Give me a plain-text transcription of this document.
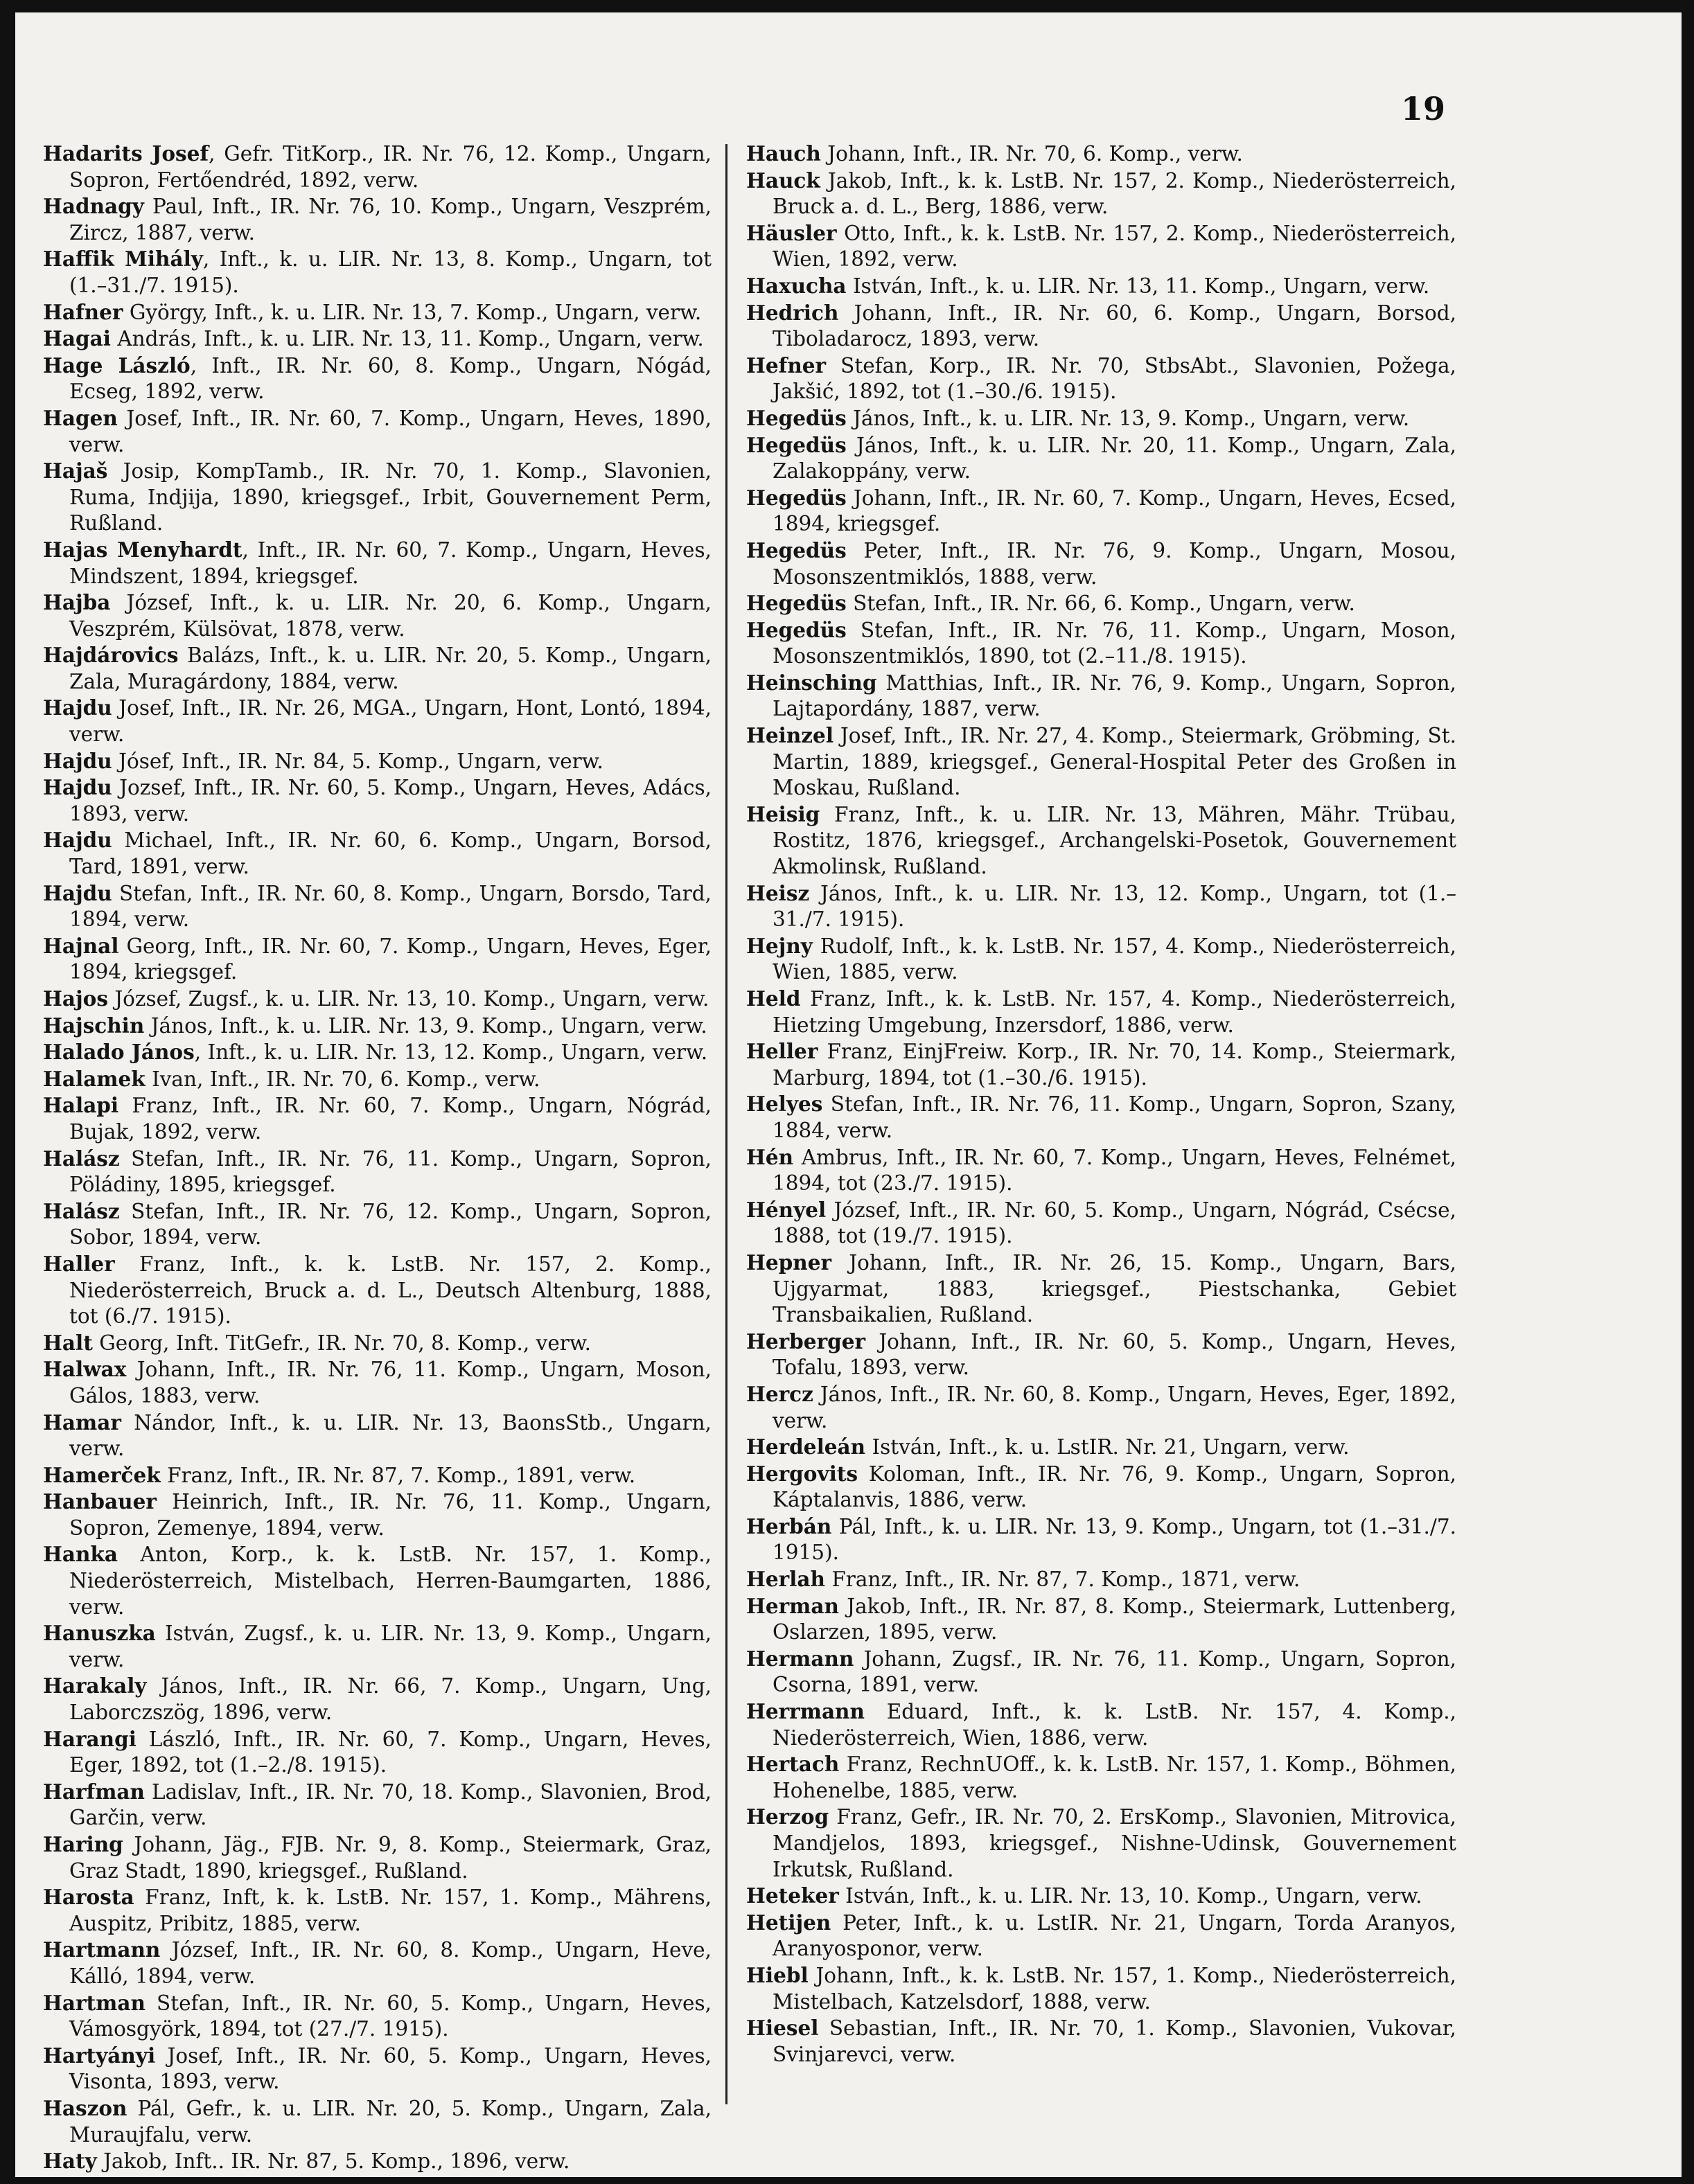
19

Hadarits Josef, Gefr. TitKorp., IR. Nr. 76, 12. Komp., Ungarn, Sopron, Fertőendréd, 1892, verw.

Hadnagy Paul, Inft., IR. Nr. 76, 10. Komp., Ungarn, Veszprém, Zircz, 1887, verw.

Haffik Mihály, Inft., k. u. LIR. Nr. 13, 8. Komp., Ungarn, tot (1.–31./7. 1915).

Hafner György, Inft., k. u. LIR. Nr. 13, 7. Komp., Ungarn, verw.

Hagai András, Inft., k. u. LIR. Nr. 13, 11. Komp., Ungarn, verw.

Hage László, Inft., IR. Nr. 60, 8. Komp., Ungarn, Nógád, Ecseg, 1892, verw.

Hagen Josef, Inft., IR. Nr. 60, 7. Komp., Ungarn, Heves, 1890, verw.

Hajaš Josip, KompTamb., IR. Nr. 70, 1. Komp., Slavonien, Ruma, Indjija, 1890, kriegsgef., Irbit, Gouvernement Perm, Rußland.

Hajas Menyhardt, Inft., IR. Nr. 60, 7. Komp., Ungarn, Heves, Mindszent, 1894, kriegsgef.

Hajba József, Inft., k. u. LIR. Nr. 20, 6. Komp., Ungarn, Veszprém, Külsövat, 1878, verw.

Hajdárovics Balázs, Inft., k. u. LIR. Nr. 20, 5. Komp., Ungarn, Zala, Muragárdony, 1884, verw.

Hajdu Josef, Inft., IR. Nr. 26, MGA., Ungarn, Hont, Lontó, 1894, verw.

Hajdu Jósef, Inft., IR. Nr. 84, 5. Komp., Ungarn, verw.

Hajdu Jozsef, Inft., IR. Nr. 60, 5. Komp., Ungarn, Heves, Adács, 1893, verw.

Hajdu Michael, Inft., IR. Nr. 60, 6. Komp., Ungarn, Borsod, Tard, 1891, verw.

Hajdu Stefan, Inft., IR. Nr. 60, 8. Komp., Ungarn, Borsdo, Tard, 1894, verw.

Hajnal Georg, Inft., IR. Nr. 60, 7. Komp., Ungarn, Heves, Eger, 1894, kriegsgef.

Hajos József, Zugsf., k. u. LIR. Nr. 13, 10. Komp., Ungarn, verw.

Hajschin János, Inft., k. u. LIR. Nr. 13, 9. Komp., Ungarn, verw.

Halado János, Inft., k. u. LIR. Nr. 13, 12. Komp., Ungarn, verw.

Halamek Ivan, Inft., IR. Nr. 70, 6. Komp., verw.

Halapi Franz, Inft., IR. Nr. 60, 7. Komp., Ungarn, Nógrád, Bujak, 1892, verw.

Halász Stefan, Inft., IR. Nr. 76, 11. Komp., Ungarn, Sopron, Pöládiny, 1895, kriegsgef.

Halász Stefan, Inft., IR. Nr. 76, 12. Komp., Ungarn, Sopron, Sobor, 1894, verw.

Haller Franz, Inft., k. k. LstB. Nr. 157, 2. Komp., Niederösterreich, Bruck a. d. L., Deutsch Altenburg, 1888, tot (6./7. 1915).

Halt Georg, Inft. TitGefr., IR. Nr. 70, 8. Komp., verw.

Halwax Johann, Inft., IR. Nr. 76, 11. Komp., Ungarn, Moson, Gálos, 1883, verw.

Hamar Nándor, Inft., k. u. LIR. Nr. 13, BaonsStb., Ungarn, verw.

Hamerček Franz, Inft., IR. Nr. 87, 7. Komp., 1891, verw.

Hanbauer Heinrich, Inft., IR. Nr. 76, 11. Komp., Ungarn, Sopron, Zemenye, 1894, verw.

Hanka Anton, Korp., k. k. LstB. Nr. 157, 1. Komp., Niederösterreich, Mistelbach, Herren-Baumgarten, 1886, verw.

Hanuszka István, Zugsf., k. u. LIR. Nr. 13, 9. Komp., Ungarn, verw.

Harakaly János, Inft., IR. Nr. 66, 7. Komp., Ungarn, Ung, Laborczszög, 1896, verw.

Harangi László, Inft., IR. Nr. 60, 7. Komp., Ungarn, Heves, Eger, 1892, tot (1.–2./8. 1915).

Harfman Ladislav, Inft., IR. Nr. 70, 18. Komp., Slavonien, Brod, Garčin, verw.

Haring Johann, Jäg., FJB. Nr. 9, 8. Komp., Steiermark, Graz, Graz Stadt, 1890, kriegsgef., Rußland.

Harosta Franz, Inft, k. k. LstB. Nr. 157, 1. Komp., Mährens, Auspitz, Pribitz, 1885, verw.

Hartmann József, Inft., IR. Nr. 60, 8. Komp., Ungarn, Heve, Kálló, 1894, verw.

Hartman Stefan, Inft., IR. Nr. 60, 5. Komp., Ungarn, Heves, Vámosgyörk, 1894, tot (27./7. 1915).

Hartyányi Josef, Inft., IR. Nr. 60, 5. Komp., Ungarn, Heves, Visonta, 1893, verw.

Haszon Pál, Gefr., k. u. LIR. Nr. 20, 5. Komp., Ungarn, Zala, Muraujfalu, verw.

Haty Jakob, Inft.. IR. Nr. 87, 5. Komp., 1896, verw.

Hauch Johann, Inft., IR. Nr. 70, 6. Komp., verw.

Hauck Jakob, Inft., k. k. LstB. Nr. 157, 2. Komp., Niederösterreich, Bruck a. d. L., Berg, 1886, verw.

Häusler Otto, Inft., k. k. LstB. Nr. 157, 2. Komp., Niederösterreich, Wien, 1892, verw.

Haxucha István, Inft., k. u. LIR. Nr. 13, 11. Komp., Ungarn, verw.

Hedrich Johann, Inft., IR. Nr. 60, 6. Komp., Ungarn, Borsod, Tiboladarocz, 1893, verw.

Hefner Stefan, Korp., IR. Nr. 70, StbsAbt., Slavonien, Požega, Jakšić, 1892, tot (1.–30./6. 1915).

Hegedüs János, Inft., k. u. LIR. Nr. 13, 9. Komp., Ungarn, verw.

Hegedüs János, Inft., k. u. LIR. Nr. 20, 11. Komp., Ungarn, Zala, Zalakoppány, verw.

Hegedüs Johann, Inft., IR. Nr. 60, 7. Komp., Ungarn, Heves, Ecsed, 1894, kriegsgef.

Hegedüs Peter, Inft., IR. Nr. 76, 9. Komp., Ungarn, Mosou, Mosonszentmiklós, 1888, verw.

Hegedüs Stefan, Inft., IR. Nr. 66, 6. Komp., Ungarn, verw.

Hegedüs Stefan, Inft., IR. Nr. 76, 11. Komp., Ungarn, Moson, Mosonszentmiklós, 1890, tot (2.–11./8. 1915).

Heinsching Matthias, Inft., IR. Nr. 76, 9. Komp., Ungarn, Sopron, Lajtapordány, 1887, verw.

Heinzel Josef, Inft., IR. Nr. 27, 4. Komp., Steiermark, Gröbming, St. Martin, 1889, kriegsgef., General-Hospital Peter des Großen in Moskau, Rußland.

Heisig Franz, Inft., k. u. LIR. Nr. 13, Mähren, Mähr. Trübau, Rostitz, 1876, kriegsgef., Archangelski-Posetok, Gouvernement Akmolinsk, Rußland.

Heisz János, Inft., k. u. LIR. Nr. 13, 12. Komp., Ungarn, tot (1.–31./7. 1915).

Hejny Rudolf, Inft., k. k. LstB. Nr. 157, 4. Komp., Niederösterreich, Wien, 1885, verw.

Held Franz, Inft., k. k. LstB. Nr. 157, 4. Komp., Niederösterreich, Hietzing Umgebung, Inzersdorf, 1886, verw.

Heller Franz, EinjFreiw. Korp., IR. Nr. 70, 14. Komp., Steiermark, Marburg, 1894, tot (1.–30./6. 1915).

Helyes Stefan, Inft., IR. Nr. 76, 11. Komp., Ungarn, Sopron, Szany, 1884, verw.

Hén Ambrus, Inft., IR. Nr. 60, 7. Komp., Ungarn, Heves, Felnémet, 1894, tot (23./7. 1915).

Hényel József, Inft., IR. Nr. 60, 5. Komp., Ungarn, Nógrád, Csécse, 1888, tot (19./7. 1915).

Hepner Johann, Inft., IR. Nr. 26, 15. Komp., Ungarn, Bars, Ujgyarmat, 1883, kriegsgef., Piestschanka, Gebiet Transbaikalien, Rußland.

Herberger Johann, Inft., IR. Nr. 60, 5. Komp., Ungarn, Heves, Tofalu, 1893, verw.

Hercz János, Inft., IR. Nr. 60, 8. Komp., Ungarn, Heves, Eger, 1892, verw.

Herdeleán István, Inft., k. u. LstIR. Nr. 21, Ungarn, verw.

Hergovits Koloman, Inft., IR. Nr. 76, 9. Komp., Ungarn, Sopron, Káptalanvis, 1886, verw.

Herbán Pál, Inft., k. u. LIR. Nr. 13, 9. Komp., Ungarn, tot (1.–31./7. 1915).

Herlah Franz, Inft., IR. Nr. 87, 7. Komp., 1871, verw.

Herman Jakob, Inft., IR. Nr. 87, 8. Komp., Steiermark, Luttenberg, Oslarzen, 1895, verw.

Hermann Johann, Zugsf., IR. Nr. 76, 11. Komp., Ungarn, Sopron, Csorna, 1891, verw.

Herrmann Eduard, Inft., k. k. LstB. Nr. 157, 4. Komp., Niederösterreich, Wien, 1886, verw.

Hertach Franz, RechnUOff., k. k. LstB. Nr. 157, 1. Komp., Böhmen, Hohenelbe, 1885, verw.

Herzog Franz, Gefr., IR. Nr. 70, 2. ErsKomp., Slavonien, Mitrovica, Mandjelos, 1893, kriegsgef., Nishne-Udinsk, Gouvernement Irkutsk, Rußland.

Heteker István, Inft., k. u. LIR. Nr. 13, 10. Komp., Ungarn, verw.

Hetijen Peter, Inft., k. u. LstIR. Nr. 21, Ungarn, Torda Aranyos, Aranyosponor, verw.

Hiebl Johann, Inft., k. k. LstB. Nr. 157, 1. Komp., Niederösterreich, Mistelbach, Katzelsdorf, 1888, verw.

Hiesel Sebastian, Inft., IR. Nr. 70, 1. Komp., Slavonien, Vukovar, Svinjarevci, verw.
